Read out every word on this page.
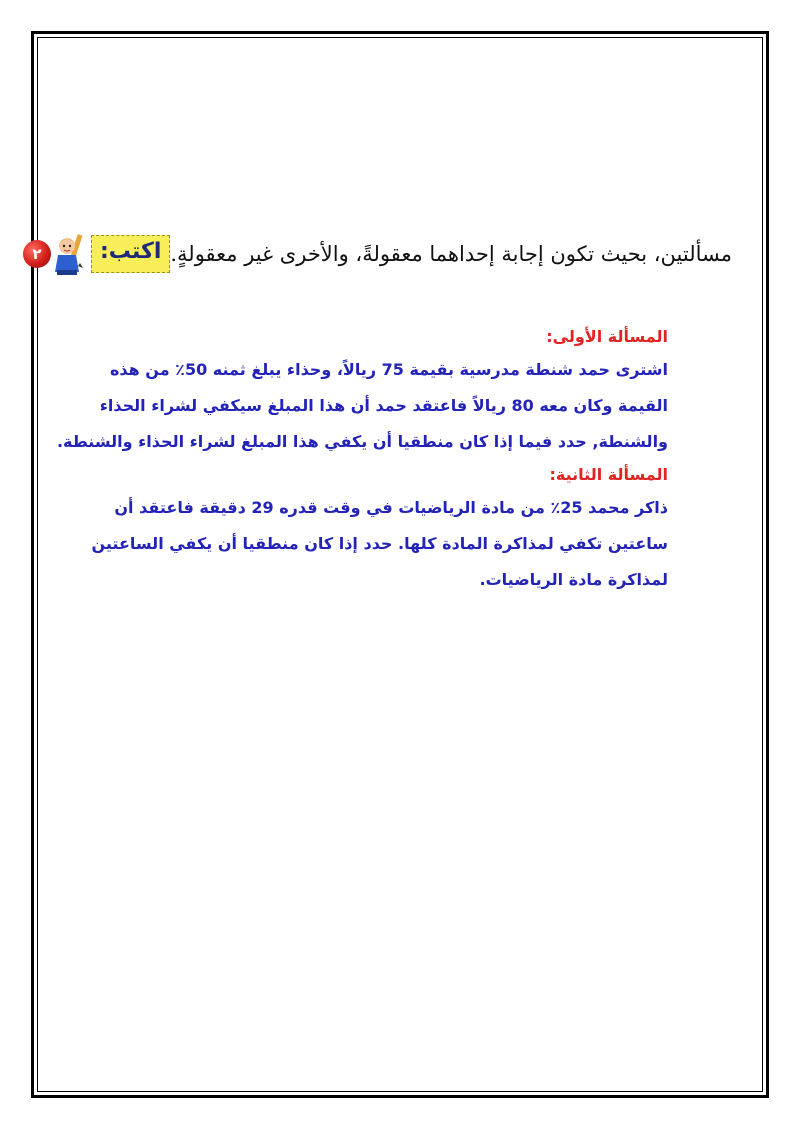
٢	اكتب: مسألتين، بحيث تكون إجابة إحداهما معقولةً، والأخرى غير معقولةٍ.

المسألة الأولى:

اشترى حمد شنطة مدرسية بقيمة 75 ريالاً، وحذاء يبلغ ثمنه 50٪ من هذه

القيمة وكان معه 80 ريالاً فاعتقد حمد أن هذا المبلغ سيكفي لشراء الحذاء

والشنطة, حدد فيما إذا كان منطقيا أن يكفي هذا المبلغ لشراء الحذاء والشنطة.

المسألة الثانية:

ذاكر محمد 25٪ من مادة الرياضيات في وقت قدره 29 دقيقة فاعتقد أن

ساعتين تكفي لمذاكرة المادة كلها. حدد إذا كان منطقيا أن يكفي الساعتين

لمذاكرة مادة الرياضيات.
